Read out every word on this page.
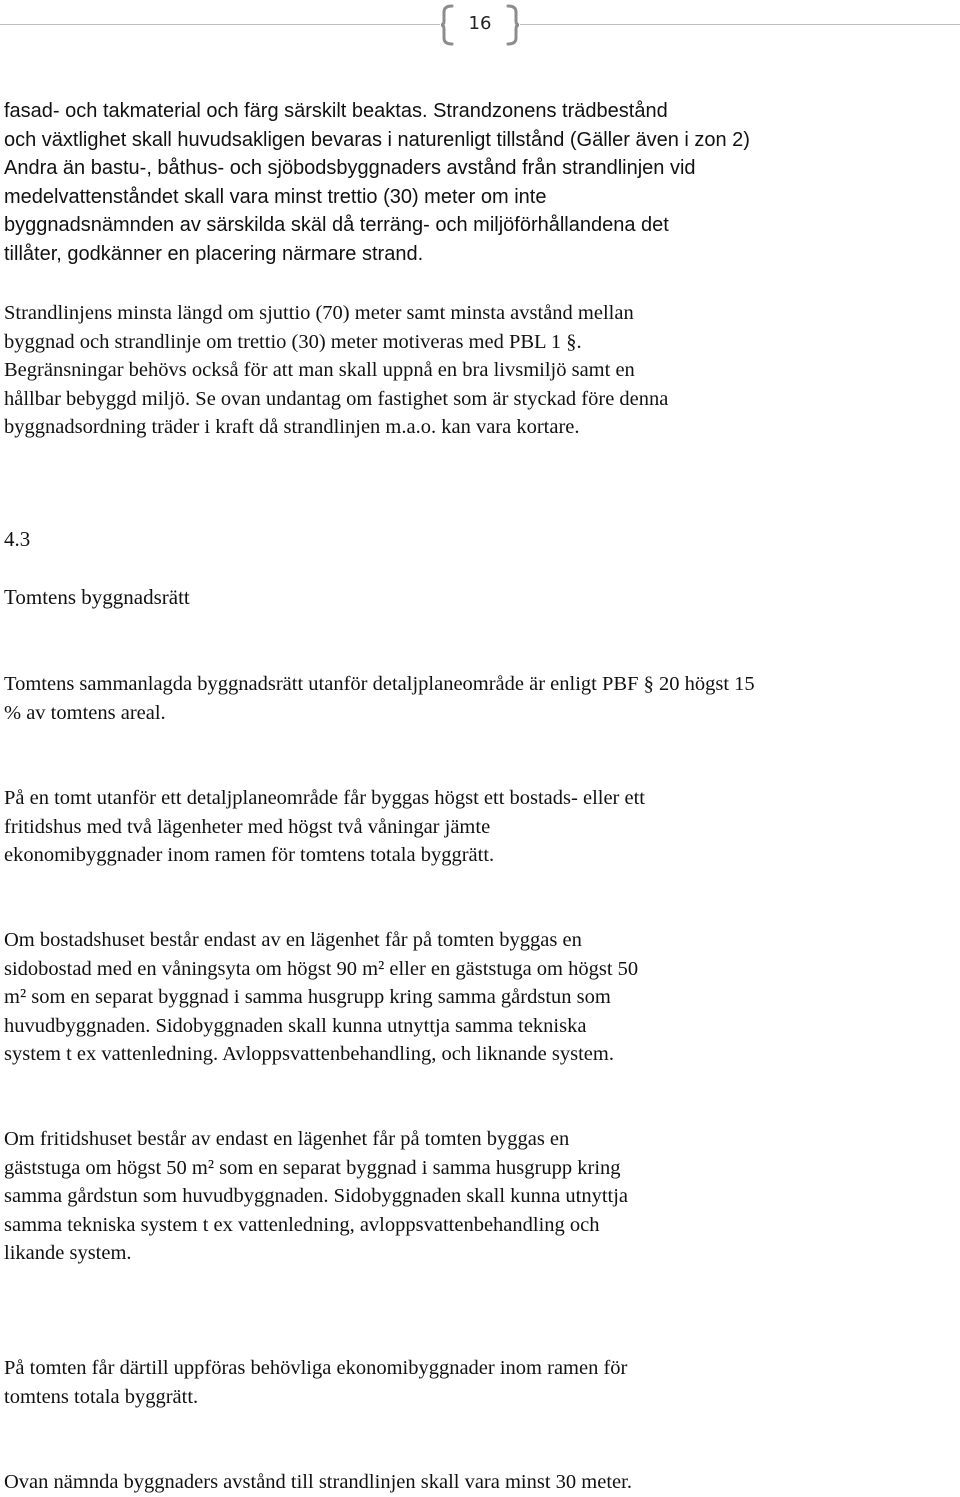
16

fasad- och takmaterial och färg särskilt beaktas. Strandzonens trädbestånd
och växtlighet skall huvudsakligen bevaras i naturenligt tillstånd (Gäller även i zon 2)
Andra än bastu-, båthus- och sjöbodsbyggnaders avstånd från strandlinjen vid
medelvattenståndet skall vara minst trettio (30) meter om inte
byggnadsnämnden av särskilda skäl då terräng- och miljöförhållandena det
tillåter, godkänner en placering närmare strand.

Strandlinjens minsta längd om sjuttio (70) meter samt minsta avstånd mellan
byggnad och strandlinje om trettio (30) meter motiveras med PBL 1 §.
Begränsningar behövs också för att man skall uppnå en bra livsmiljö samt en
hållbar bebyggd miljö. Se ovan undantag om fastighet som är styckad före denna
byggnadsordning träder i kraft då strandlinjen m.a.o. kan vara kortare.

4.3

Tomtens byggnadsrätt

Tomtens sammanlagda byggnadsrätt utanför detaljplaneområde är enligt PBF § 20 högst 15
% av tomtens areal.

På en tomt utanför ett detaljplaneområde får byggas högst ett bostads- eller ett
fritidshus med två lägenheter med högst två våningar jämte
ekonomibyggnader inom ramen för tomtens totala byggrätt.

Om bostadshuset består endast av en lägenhet får på tomten byggas en
sidobostad med en våningsyta om högst 90 m² eller en gäststuga om högst 50
m² som en separat byggnad i samma husgrupp kring samma gårdstun som
huvudbyggnaden. Sidobyggnaden skall kunna utnyttja samma tekniska
system t ex vattenledning. Avloppsvattenbehandling, och liknande system.

Om fritidshuset består av endast en lägenhet får på tomten byggas en
gäststuga om högst 50 m² som en separat byggnad i samma husgrupp kring
samma gårdstun som huvudbyggnaden. Sidobyggnaden skall kunna utnyttja
samma tekniska system t ex vattenledning, avloppsvattenbehandling och
likande system.

På tomten får därtill uppföras behövliga ekonomibyggnader inom ramen för
tomtens totala byggrätt.

Ovan nämnda byggnaders avstånd till strandlinjen skall vara minst 30 meter.
